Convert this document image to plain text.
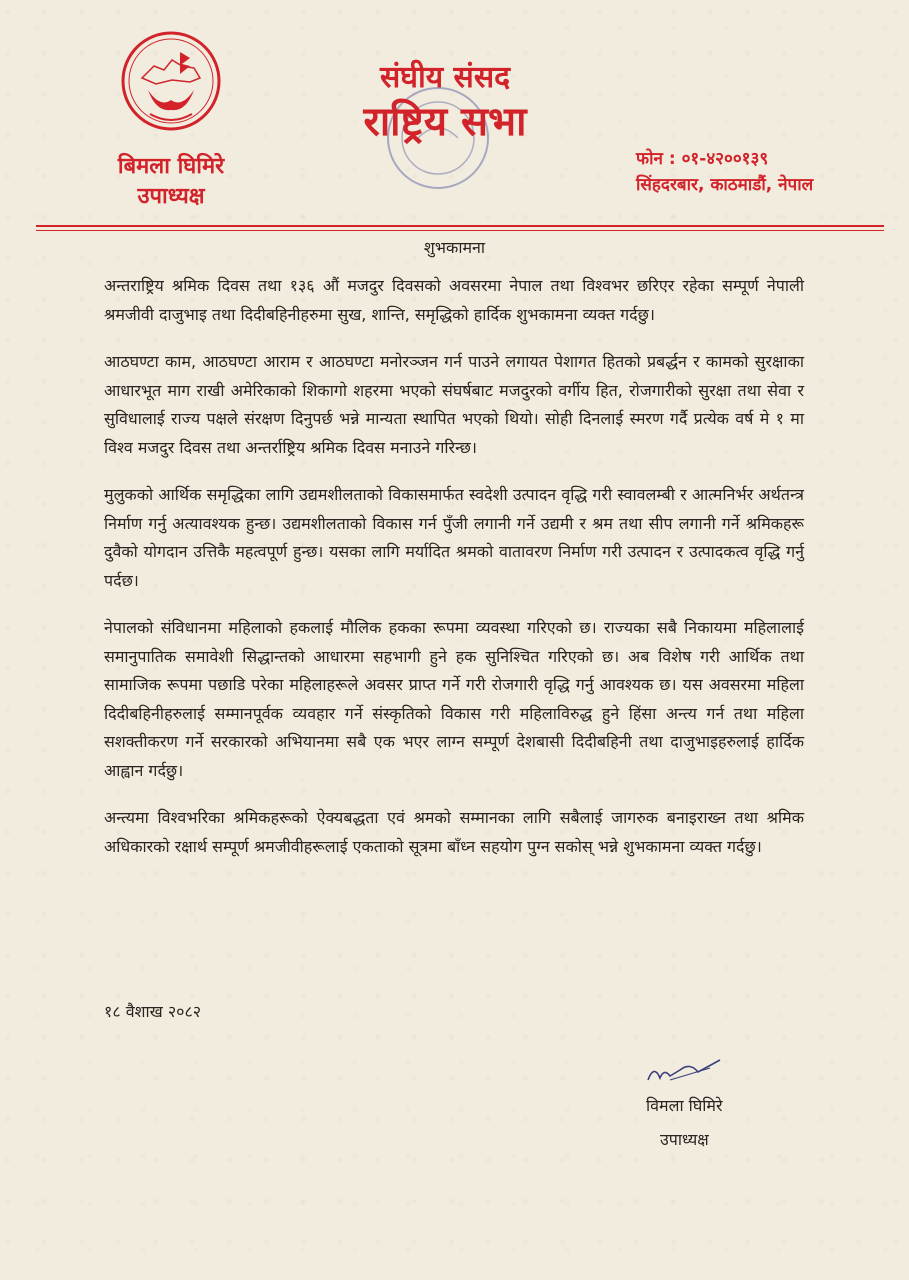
बिमला घिमिरे
उपाध्यक्ष
संघीय संसद
राष्ट्रिय सभा
फोन : ०१-४२००१३९
सिंहदरबार, काठमाडौं, नेपाल
शुभकामना

अन्तराष्ट्रिय श्रमिक दिवस तथा १३६ औं मजदुर दिवसको अवसरमा नेपाल तथा विश्वभर छरिएर रहेका सम्पूर्ण नेपाली श्रमजीवी दाजुभाइ तथा दिदीबहिनीहरुमा सुख, शान्ति, समृद्धिको हार्दिक शुभकामना व्यक्त गर्दछु।

आठघण्टा काम, आठघण्टा आराम र आठघण्टा मनोरञ्जन गर्न पाउने लगायत पेशागत हितको प्रबर्द्धन र कामको सुरक्षाका आधारभूत माग राखी अमेरिकाको शिकागो शहरमा भएको संघर्षबाट मजदुरको वर्गीय हित, रोजगारीको सुरक्षा तथा सेवा र सुविधालाई राज्य पक्षले संरक्षण दिनुपर्छ भन्ने मान्यता स्थापित भएको थियो। सोही दिनलाई स्मरण गर्दै प्रत्येक वर्ष मे १ मा विश्व मजदुर दिवस तथा अन्तर्राष्ट्रिय श्रमिक दिवस मनाउने गरिन्छ।

मुलुकको आर्थिक समृद्धिका लागि उद्यमशीलताको विकासमार्फत स्वदेशी उत्पादन वृद्धि गरी स्वावलम्बी र आत्मनिर्भर अर्थतन्त्र निर्माण गर्नु अत्यावश्यक हुन्छ। उद्यमशीलताको विकास गर्न पुँजी लगानी गर्ने उद्यमी र श्रम तथा सीप लगानी गर्ने श्रमिकहरू दुवैको योगदान उत्तिकै महत्वपूर्ण हुन्छ। यसका लागि मर्यादित श्रमको वातावरण निर्माण गरी उत्पादन र उत्पादकत्व वृद्धि गर्नु पर्दछ।

नेपालको संविधानमा महिलाको हकलाई मौलिक हकका रूपमा व्यवस्था गरिएको छ। राज्यका सबै निकायमा महिलालाई समानुपातिक समावेशी सिद्धान्तको आधारमा सहभागी हुने हक सुनिश्चित गरिएको छ। अब विशेष गरी आर्थिक तथा सामाजिक रूपमा पछाडि परेका महिलाहरूले अवसर प्राप्त गर्ने गरी रोजगारी वृद्धि गर्नु आवश्यक छ। यस अवसरमा महिला दिदीबहिनीहरुलाई सम्मानपूर्वक व्यवहार गर्ने संस्कृतिको विकास गरी महिलाविरुद्ध हुने हिंसा अन्त्य गर्न तथा महिला सशक्तीकरण गर्ने सरकारको अभियानमा सबै एक भएर लाग्न सम्पूर्ण देशबासी दिदीबहिनी तथा दाजुभाइहरुलाई हार्दिक आह्वान गर्दछु।

अन्त्यमा विश्वभरिका श्रमिकहरूको ऐक्यबद्धता एवं श्रमको सम्मानका लागि सबैलाई जागरुक बनाइराख्न तथा श्रमिक अधिकारको रक्षार्थ सम्पूर्ण श्रमजीवीहरूलाई एकताको सूत्रमा बाँध्न सहयोग पुग्न सकोस् भन्ने शुभकामना व्यक्त गर्दछु।

१८ वैशाख २०८२
विमला घिमिरे
उपाध्यक्ष
